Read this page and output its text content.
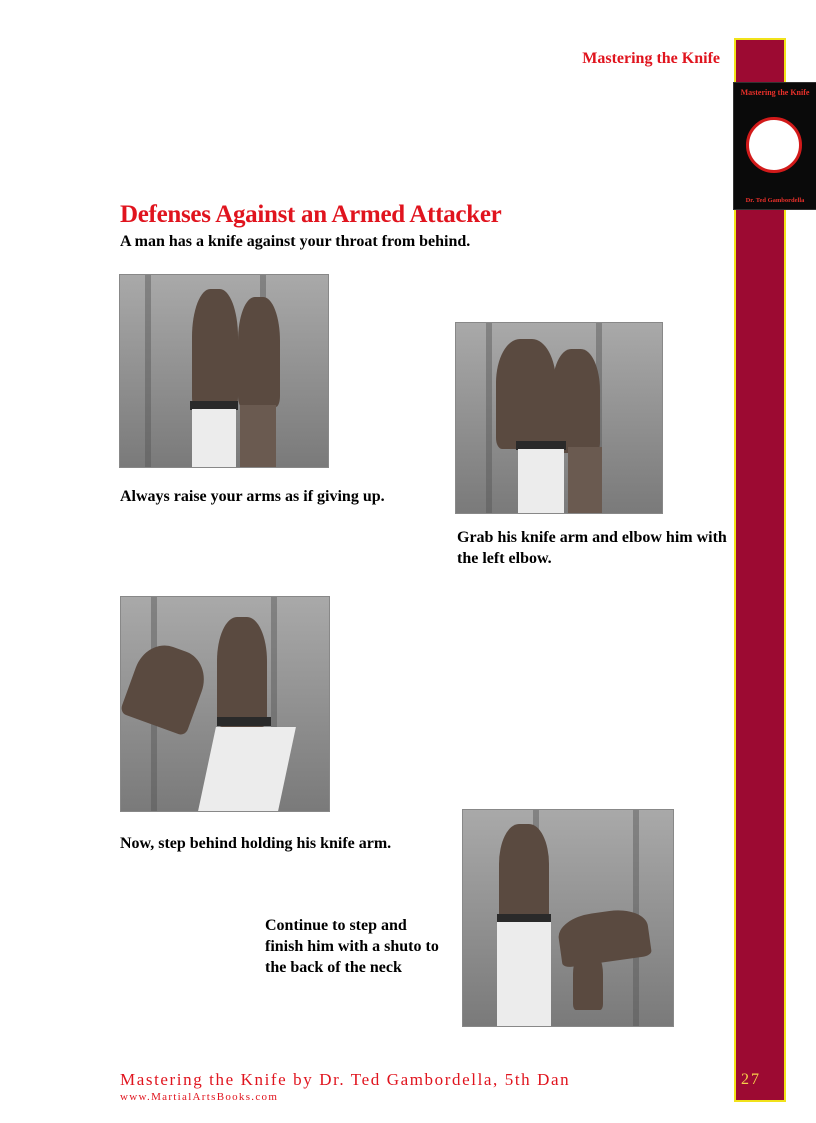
27
Mastering the Knife
Dr. Ted Gambordella
Mastering the Knife
Defenses Against an Armed Attacker
A man has a knife against your throat from behind.
Always raise your arms as if giving up.
Grab his knife arm and elbow him with the left elbow.
Now, step behind holding his knife arm.
Continue to step and finish him with a shuto to the back of the neck
Mastering the Knife by Dr. Ted Gambordella, 5th Dan
www.MartialArtsBooks.com
